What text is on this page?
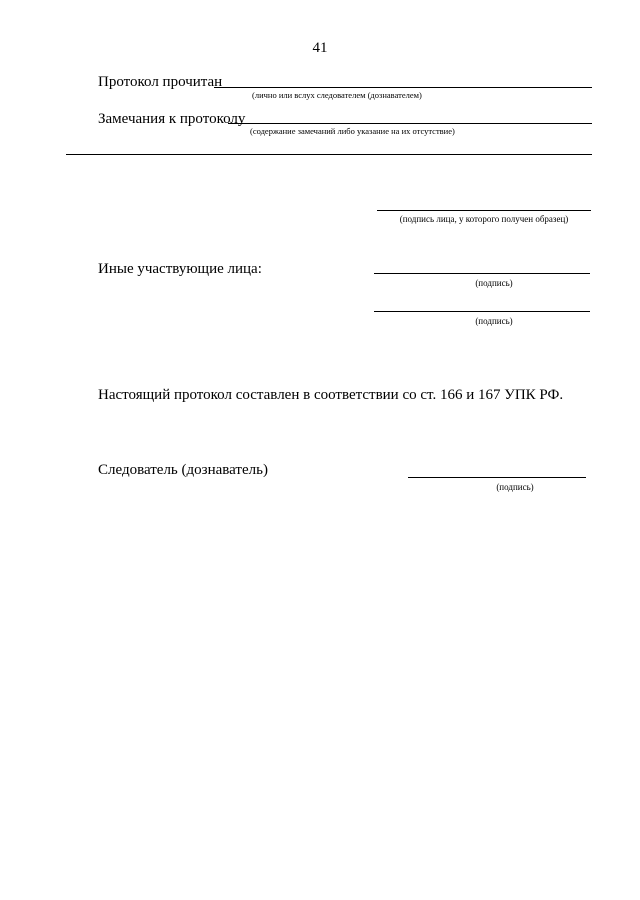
41
Протокол прочитан
(лично или вслух следователем (дознавателем)
Замечания к протоколу
(содержание замечаний либо указание на их отсутствие)
(подпись лица, у которого получен образец)
Иные участвующие лица:
(подпись)
(подпись)
Настоящий протокол составлен в соответствии со ст. 166 и 167 УПК РФ.
Следователь (дознаватель)
(подпись)
